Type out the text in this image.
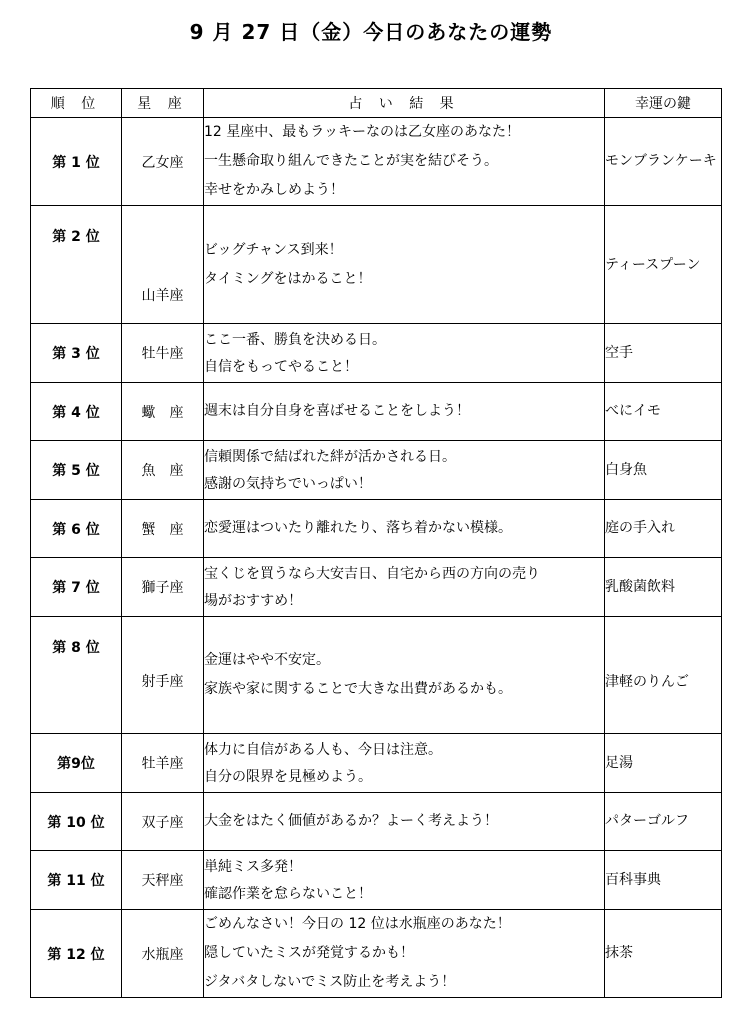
9 月 27 日（金）今日のあなたの運勢
順 位	星 座	占 い 結 果	幸運の鍵
第 1 位	乙女座	12 星座中、最もラッキーなのは乙女座のあなた！
一生懸命取り組んできたことが実を結びそう。
幸せをかみしめよう！	モンブランケーキ
第 2 位	山羊座	ビッグチャンス到来！
タイミングをはかること！	ティースプーン
第 3 位	牡牛座	ここ一番、勝負を決める日。
自信をもってやること！	空手
第 4 位	蠍　座	週末は自分自身を喜ばせることをしよう！	べにイモ
第 5 位	魚　座	信頼関係で結ばれた絆が活かされる日。
感謝の気持ちでいっぱい！	白身魚
第 6 位	蟹　座	恋愛運はついたり離れたり、落ち着かない模様。	庭の手入れ
第 7 位	獅子座	宝くじを買うなら大安吉日、自宅から西の方向の売り
場がおすすめ！	乳酸菌飲料
第 8 位	射手座	金運はやや不安定。
家族や家に関することで大きな出費があるかも。	津軽のりんご
第9位	牡羊座	体力に自信がある人も、今日は注意。
自分の限界を見極めよう。	足湯
第 10 位	双子座	大金をはたく価値があるか？よーく考えよう！	パターゴルフ
第 11 位	天秤座	単純ミス多発！
確認作業を怠らないこと！	百科事典
第 12 位	水瓶座	ごめんなさい！今日の 12 位は水瓶座のあなた！
隠していたミスが発覚するかも！
ジタバタしないでミス防止を考えよう！	抹茶
